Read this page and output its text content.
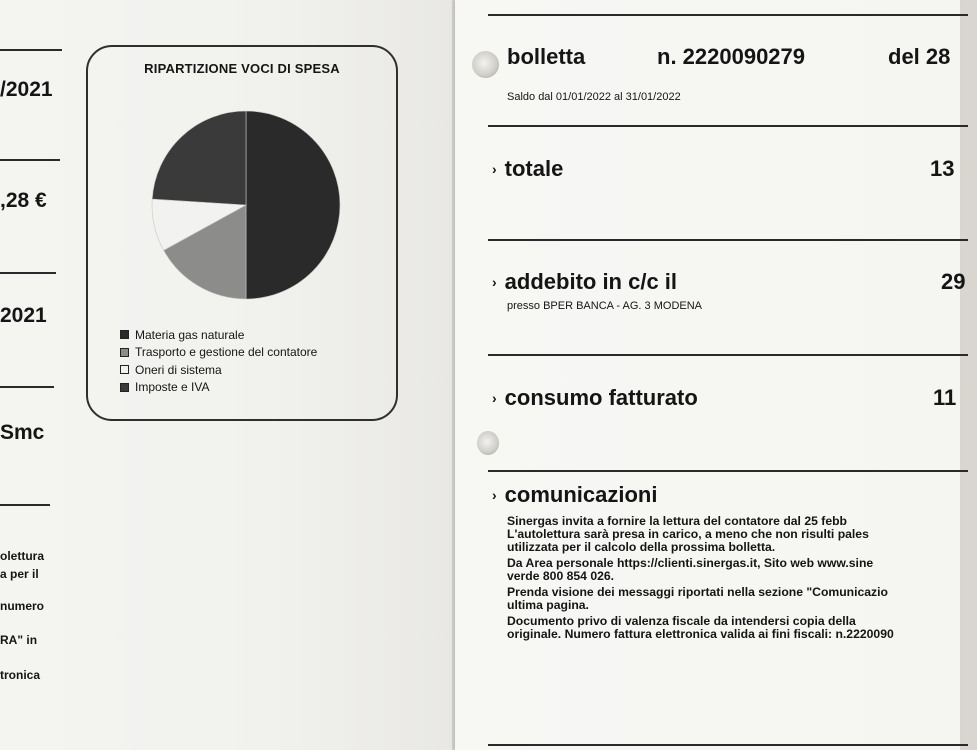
/2021
,28 €
2021
Smc
olettura
a per il
numero
RA" in
tronica
RIPARTIZIONE VOCI DI SPESA
Materia gas naturale
Trasporto e gestione del contatore
Oneri di sistema
Imposte e IVA
bolletta	n. 2220090279	del 28
Saldo dal 01/01/2022 al 31/01/2022
› totale	13
› addebito in c/c il	29
presso BPER BANCA - AG. 3 MODENA
› consumo fatturato	11
› comunicazioni

Sinergas invita a fornire la lettura del contatore dal 25 febb

L'autolettura sarà presa in carico, a meno che non risulti pales

utilizzata per il calcolo della prossima bolletta.

Da Area personale https://clienti.sinergas.it, Sito web www.sine

verde 800 854 026.

Prenda visione dei messaggi riportati nella sezione "Comunicazio

ultima pagina.

Documento privo di valenza fiscale da intendersi copia della

originale. Numero fattura elettronica valida ai fini fiscali: n.2220090
